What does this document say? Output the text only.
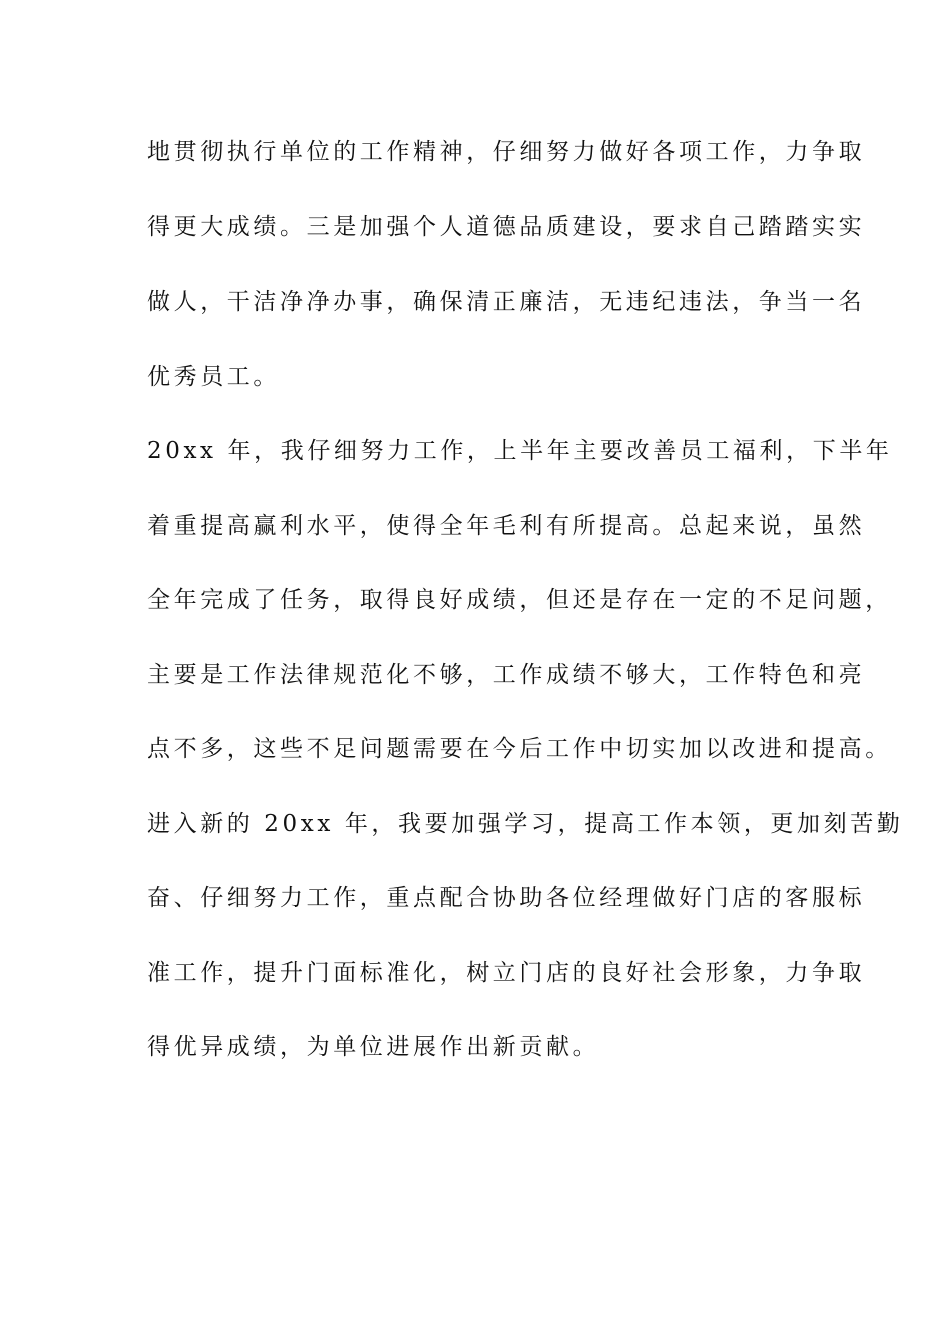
地贯彻执行单位的工作精神，仔细努力做好各项工作，力争取
得更大成绩。三是加强个人道德品质建设，要求自己踏踏实实
做人，干洁净净办事，确保清正廉洁，无违纪违法，争当一名
优秀员工。
20xx 年，我仔细努力工作，上半年主要改善员工福利，下半年
着重提高赢利水平，使得全年毛利有所提高。总起来说，虽然
全年完成了任务，取得良好成绩，但还是存在一定的不足问题，
主要是工作法律规范化不够，工作成绩不够大，工作特色和亮
点不多，这些不足问题需要在今后工作中切实加以改进和提高。
进入新的 20xx 年，我要加强学习，提高工作本领，更加刻苦勤
奋、仔细努力工作，重点配合协助各位经理做好门店的客服标
准工作，提升门面标准化，树立门店的良好社会形象，力争取
得优异成绩，为单位进展作出新贡献。
